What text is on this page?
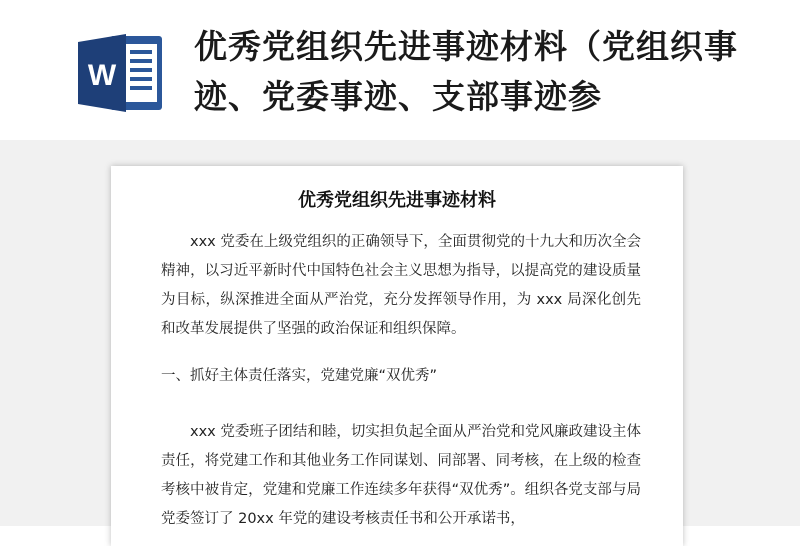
W
优秀党组织先进事迹材料（党组织事迹、党委事迹、支部事迹参
优秀党组织先进事迹材料
xxx 党委在上级党组织的正确领导下，全面贯彻党的十九大和历次全会精神，以习近平新时代中国特色社会主义思想为指导，以提高党的建设质量为目标，纵深推进全面从严治党，充分发挥领导作用，为 xxx 局深化创先和改革发展提供了坚强的政治保证和组织保障。
一、抓好主体责任落实，党建党廉“双优秀”
xxx 党委班子团结和睦，切实担负起全面从严治党和党风廉政建设主体责任，将党建工作和其他业务工作同谋划、同部署、同考核，在上级的检查考核中被肯定，党建和党廉工作连续多年获得“双优秀”。组织各党支部与局党委签订了 20xx 年党的建设考核责任书和公开承诺书，
